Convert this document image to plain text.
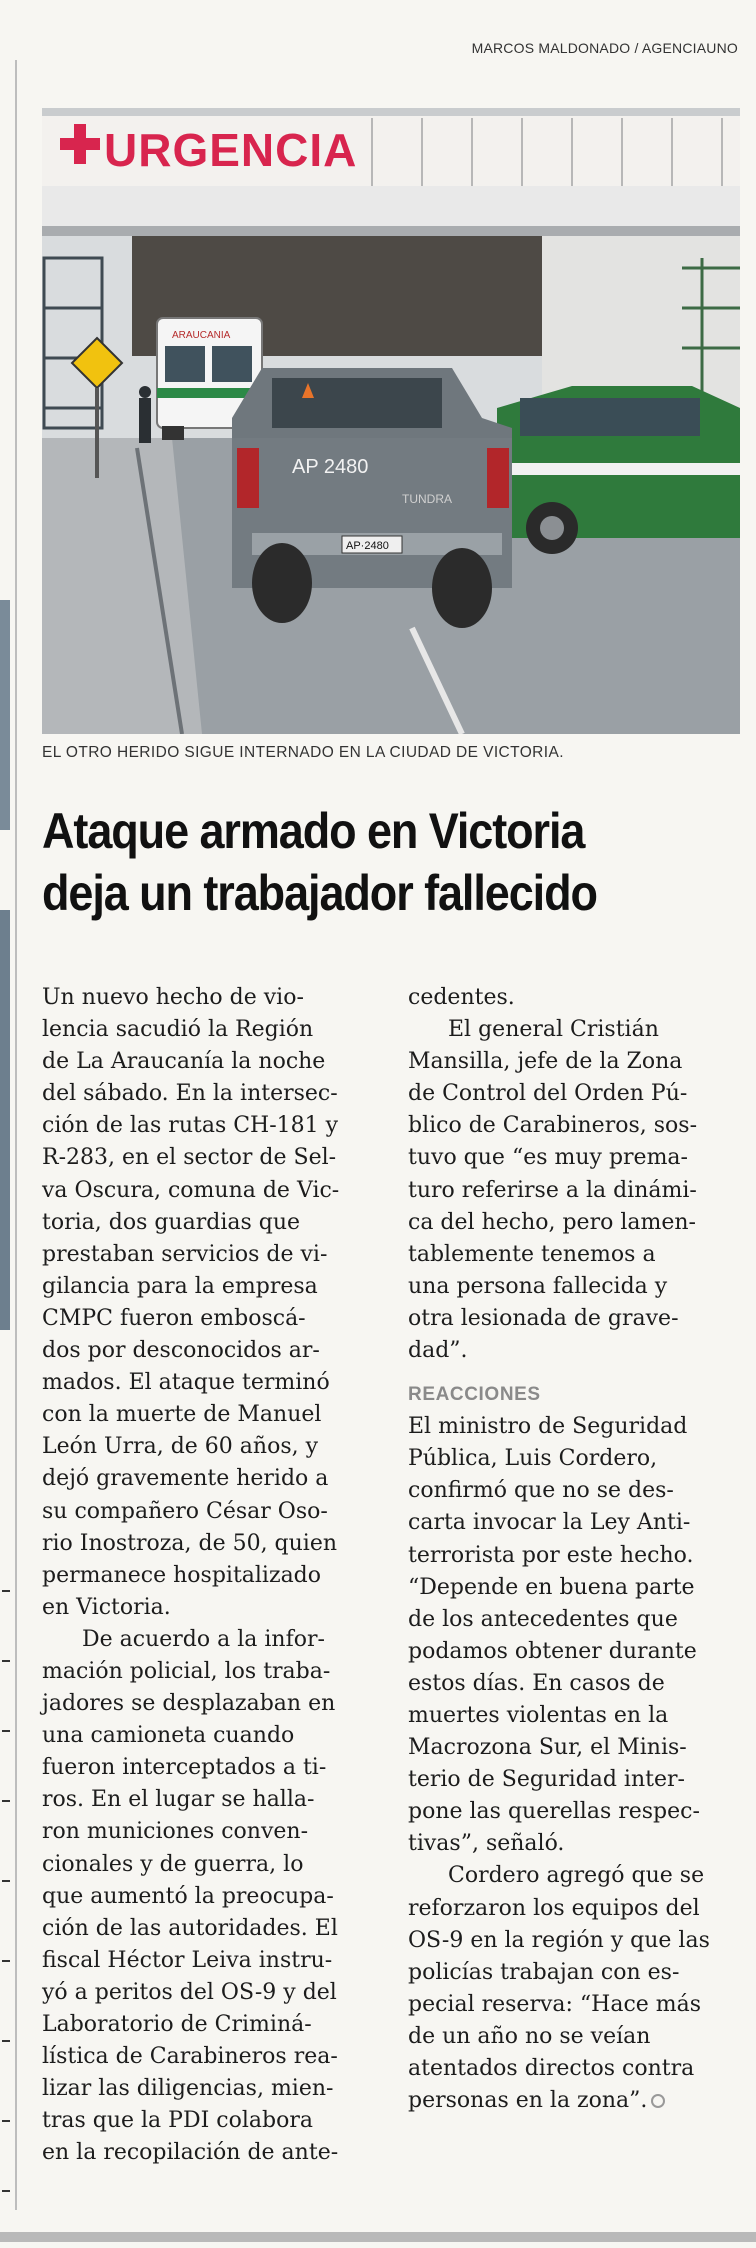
MARCOS MALDONADO / AGENCIAUNO
URGENCIA
ARAUCANIA
AP 2480
TUNDRA
AP·2480
EL OTRO HERIDO SIGUE INTERNADO EN LA CIUDAD DE VICTORIA.
Ataque armado en Victoria
deja un trabajador fallecido
Un nuevo hecho de vio-
lencia sacudió la Región
de La Araucanía la noche
del sábado. En la intersec-
ción de las rutas CH-181 y
R-283, en el sector de Sel-
va Oscura, comuna de Vic-
toria, dos guardias que
prestaban servicios de vi-
gilancia para la empresa
CMPC fueron emboscá-
dos por desconocidos ar-
mados. El ataque terminó
con la muerte de Manuel
León Urra, de 60 años, y
dejó gravemente herido a
su compañero César Oso-
rio Inostroza, de 50, quien
permanece hospitalizado
en Victoria.
De acuerdo a la infor-
mación policial, los traba-
jadores se desplazaban en
una camioneta cuando
fueron interceptados a ti-
ros. En el lugar se halla-
ron municiones conven-
cionales y de guerra, lo
que aumentó la preocupa-
ción de las autoridades. El
fiscal Héctor Leiva instru-
yó a peritos del OS-9 y del
Laboratorio de Criminá-
lística de Carabineros rea-
lizar las diligencias, mien-
tras que la PDI colabora
en la recopilación de ante-
cedentes.
El general Cristián
Mansilla, jefe de la Zona
de Control del Orden Pú-
blico de Carabineros, sos-
tuvo que “es muy prema-
turo referirse a la dinámi-
ca del hecho, pero lamen-
tablemente tenemos a
una persona fallecida y
otra lesionada de grave-
dad”.
REACCIONES
El ministro de Seguridad
Pública, Luis Cordero,
confirmó que no se des-
carta invocar la Ley Anti-
terrorista por este hecho.
“Depende en buena parte
de los antecedentes que
podamos obtener durante
estos días. En casos de
muertes violentas en la
Macrozona Sur, el Minis-
terio de Seguridad inter-
pone las querellas respec-
tivas”, señaló.
Cordero agregó que se
reforzaron los equipos del
OS-9 en la región y que las
policías trabajan con es-
pecial reserva: “Hace más
de un año no se veían
atentados directos contra
personas en la zona”.
